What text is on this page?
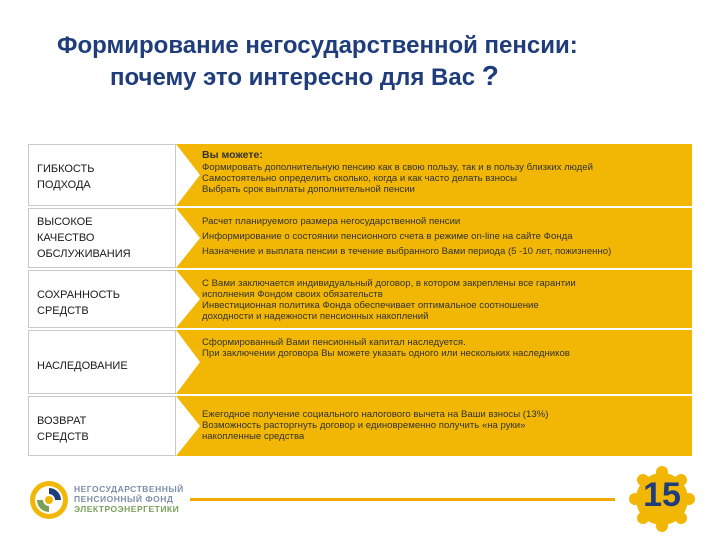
Формирование негосударственной пенсии:
почему это интересно для Вас ?
ГИБКОСТЬ
ПОДХОДА
Вы можете:
Формировать дополнительную пенсию как в свою пользу, так и в пользу близких людей
Самостоятельно определить сколько, когда и как часто делать взносы
Выбрать срок выплаты дополнительной пенсии
ВЫСОКОЕ
КАЧЕСТВО
ОБСЛУЖИВАНИЯ
Расчет планируемого размера негосударственной пенсии
Информирование о состоянии пенсионного счета в режиме on-line на сайте Фонда
Назначение и выплата пенсии в течение выбранного Вами периода (5 -10 лет, пожизненно)
СОХРАННОСТЬ
СРЕДСТВ
С Вами заключается индивидуальный договор, в котором закреплены все гарантии
исполнения Фондом своих обязательств
Инвестиционная политика Фонда обеспечивает оптимальное соотношение
доходности и надежности пенсионных накоплений
НАСЛЕДОВАНИЕ
Сформированный Вами пенсионный капитал наследуется.
При заключении договора Вы можете указать одного или нескольких наследников
ВОЗВРАТ
СРЕДСТВ
Ежегодное получение социального налогового вычета на Ваши взносы (13%)
Возможность расторгнуть договор и единовременно получить «на руки»
накопленные средства
НЕГОСУДАРСТВЕННЫЙ
ПЕНСИОННЫЙ ФОНД
ЭЛЕКТРОЭНЕРГЕТИКИ	15
